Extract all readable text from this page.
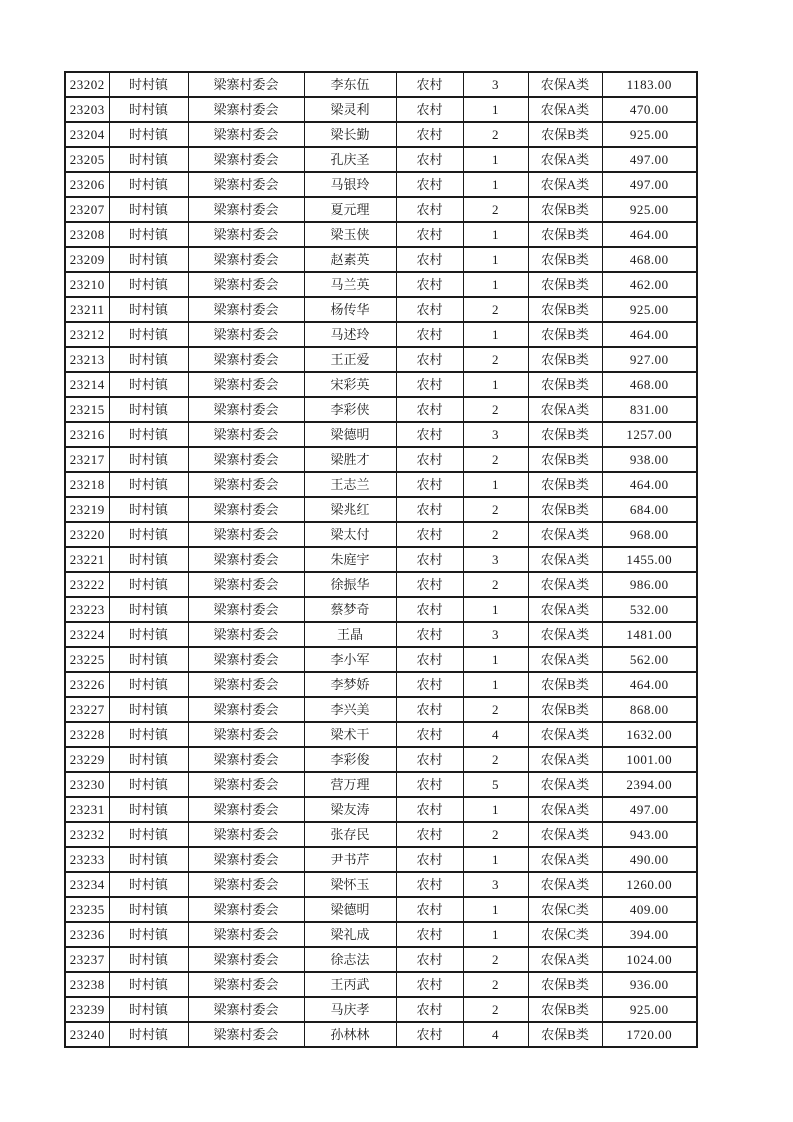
23202	时村镇	梁寨村委会	李东伍	农村	3	农保A类	1183.00
23203	时村镇	梁寨村委会	梁灵利	农村	1	农保A类	470.00
23204	时村镇	梁寨村委会	梁长勤	农村	2	农保B类	925.00
23205	时村镇	梁寨村委会	孔庆圣	农村	1	农保A类	497.00
23206	时村镇	梁寨村委会	马银玲	农村	1	农保A类	497.00
23207	时村镇	梁寨村委会	夏元理	农村	2	农保B类	925.00
23208	时村镇	梁寨村委会	梁玉侠	农村	1	农保B类	464.00
23209	时村镇	梁寨村委会	赵素英	农村	1	农保B类	468.00
23210	时村镇	梁寨村委会	马兰英	农村	1	农保B类	462.00
23211	时村镇	梁寨村委会	杨传华	农村	2	农保B类	925.00
23212	时村镇	梁寨村委会	马述玲	农村	1	农保B类	464.00
23213	时村镇	梁寨村委会	王正爱	农村	2	农保B类	927.00
23214	时村镇	梁寨村委会	宋彩英	农村	1	农保B类	468.00
23215	时村镇	梁寨村委会	李彩侠	农村	2	农保A类	831.00
23216	时村镇	梁寨村委会	梁德明	农村	3	农保B类	1257.00
23217	时村镇	梁寨村委会	梁胜才	农村	2	农保B类	938.00
23218	时村镇	梁寨村委会	王志兰	农村	1	农保B类	464.00
23219	时村镇	梁寨村委会	梁兆红	农村	2	农保B类	684.00
23220	时村镇	梁寨村委会	梁太付	农村	2	农保A类	968.00
23221	时村镇	梁寨村委会	朱庭宇	农村	3	农保A类	1455.00
23222	时村镇	梁寨村委会	徐振华	农村	2	农保A类	986.00
23223	时村镇	梁寨村委会	蔡梦奇	农村	1	农保A类	532.00
23224	时村镇	梁寨村委会	王晶	农村	3	农保A类	1481.00
23225	时村镇	梁寨村委会	李小军	农村	1	农保A类	562.00
23226	时村镇	梁寨村委会	李梦娇	农村	1	农保B类	464.00
23227	时村镇	梁寨村委会	李兴美	农村	2	农保B类	868.00
23228	时村镇	梁寨村委会	梁术干	农村	4	农保A类	1632.00
23229	时村镇	梁寨村委会	李彩俊	农村	2	农保A类	1001.00
23230	时村镇	梁寨村委会	营万理	农村	5	农保A类	2394.00
23231	时村镇	梁寨村委会	梁友涛	农村	1	农保A类	497.00
23232	时村镇	梁寨村委会	张存民	农村	2	农保A类	943.00
23233	时村镇	梁寨村委会	尹书芹	农村	1	农保A类	490.00
23234	时村镇	梁寨村委会	梁怀玉	农村	3	农保A类	1260.00
23235	时村镇	梁寨村委会	梁德明	农村	1	农保C类	409.00
23236	时村镇	梁寨村委会	梁礼成	农村	1	农保C类	394.00
23237	时村镇	梁寨村委会	徐志法	农村	2	农保A类	1024.00
23238	时村镇	梁寨村委会	王丙武	农村	2	农保B类	936.00
23239	时村镇	梁寨村委会	马庆孝	农村	2	农保B类	925.00
23240	时村镇	梁寨村委会	孙林林	农村	4	农保B类	1720.00
